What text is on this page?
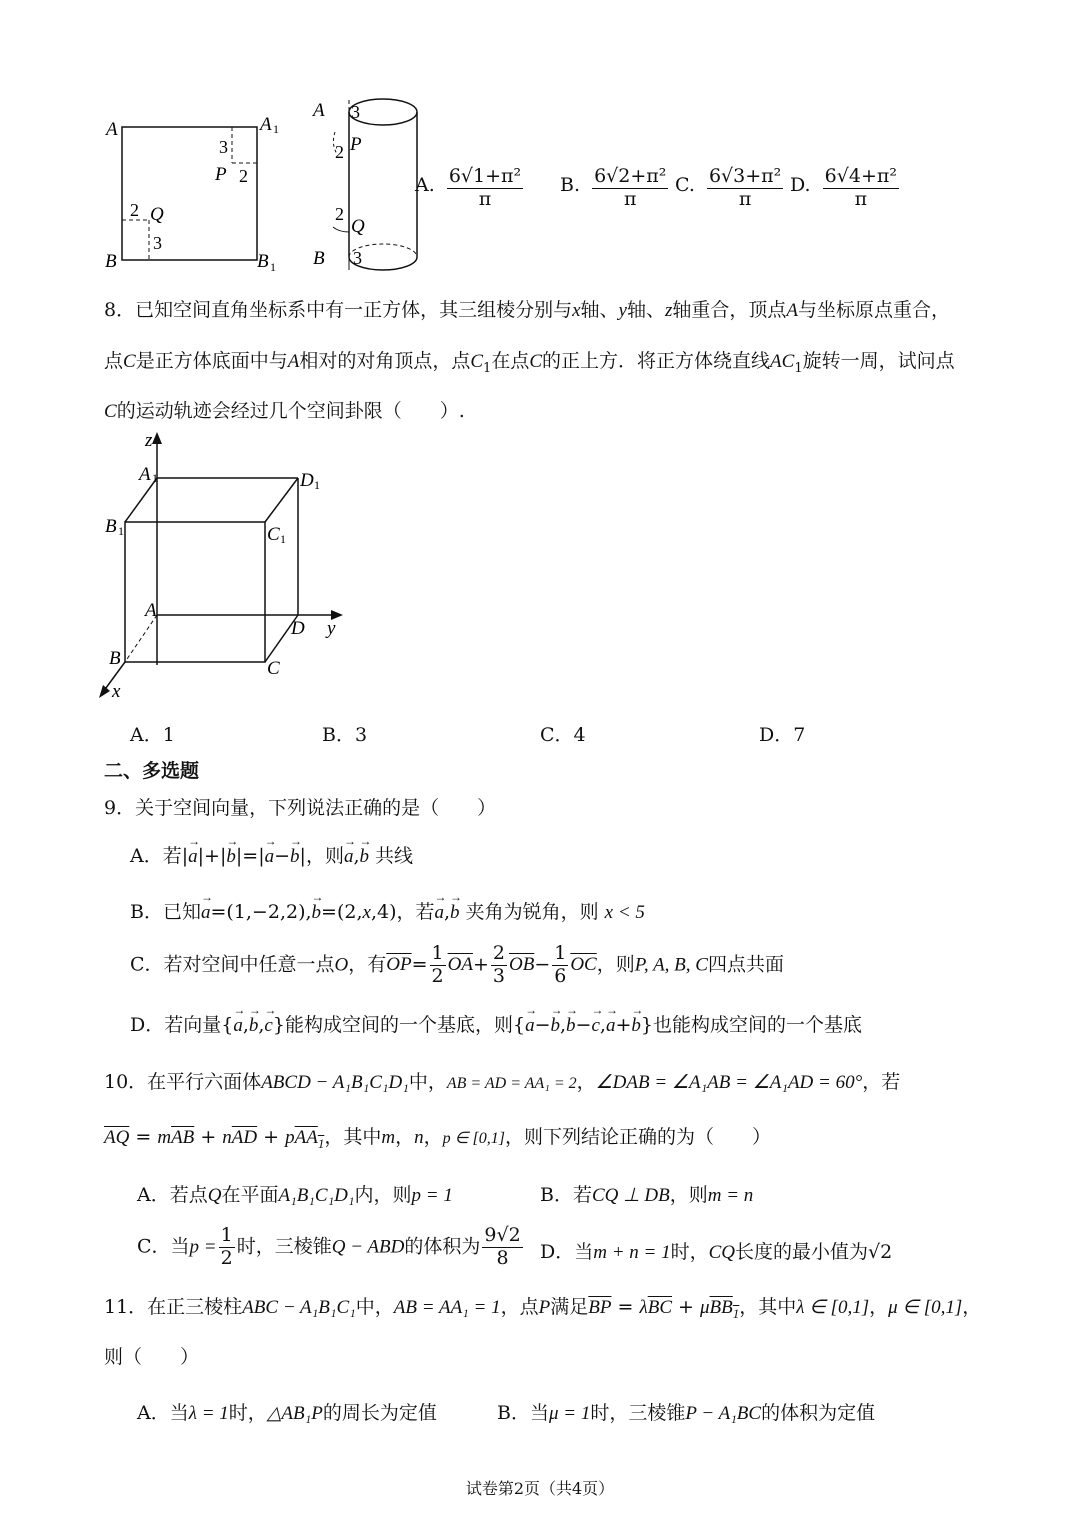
A	A 1
B	B 1
3
P 2
2 Q
3
A 3
P
2
2
Q
B 3
A. $\frac{\text{6√1+π²}}{\pi} B$. $\frac{\text{6√2+π²}}{\pi} C$. $\frac{\text{6√3+π²}}{\pi} D$. $\frac{\text{6√4+π²}}{\pi}$
8．已知空间直角坐标系中有一正方体，其三组棱分别与x轴、y轴、z轴重合，顶点A与坐标原点重合，
点C是正方体底面中与A相对的对角顶点，点$C_1$在点C的正上方．将正方体绕直线$AC_1$旋转一周，试问点
C的运动轨迹会经过几个空间卦限（　　）.
z
A 1	D 1
B 1	C 1
A
D y
B	C
x
A．1	B．3	C．4	D．7
二、多选题
9．关于空间向量，下列说法正确的是（　　）
A．若|→ a|+|→ b|=|→ a−→ b|，则→ a,→ b 共线
B．已知→ a=(1,−2,2),→ b=(2,x,4)，若→ a,→ b 夹角为锐角，则 x < 5
C．若对空间中任意一点O，有$\overline{OP}= \frac{1}{2} \overline{OA}+ \frac{2}{3} \overline{OB}- \frac{1}{6} \overline{OC}$，则P, A, B, C四点共面
D．若向量{→ a,→ b,→ c}能构成空间的一个基底，则{→ a−→ b,→ b−→ c,→ a+→ b}也能构成空间的一个基底
10．在平行六面体ABCD − A₁B₁C₁D₁中，AB = AD = AA₁ = 2，∠DAB = ∠A₁AB = ∠A₁AD = 60°，若
$\overline{AQ} = m\overline{AB} + n\overline{AD} + pAA_1$，其中m，n，p ∈ [0,1]，则下列结论正确的为（　　）
A．若点Q在平面A₁B₁C₁D₁内，则p = 1	B．若CQ ⊥ DB，则m = n
C．当$p = \frac{1}{2}$ 时，三棱锥Q − ABD的体积为 $\frac{9√2}{8}$ D．当m + n = 1时，CQ长度的最小值为√2
11．在正三棱柱ABC − A₁B₁C₁中，AB = AA₁ = 1，点P满足$\overline{BP} = \lambda\overline{BC} + \mu BB_1$，其中λ ∈ [0,1]，μ ∈ [0,1]，
则（　　）
A．当λ = 1时，△AB₁P的周长为定值	B．当μ = 1时，三棱锥P − A₁BC的体积为定值
试卷第2页（共4页）
